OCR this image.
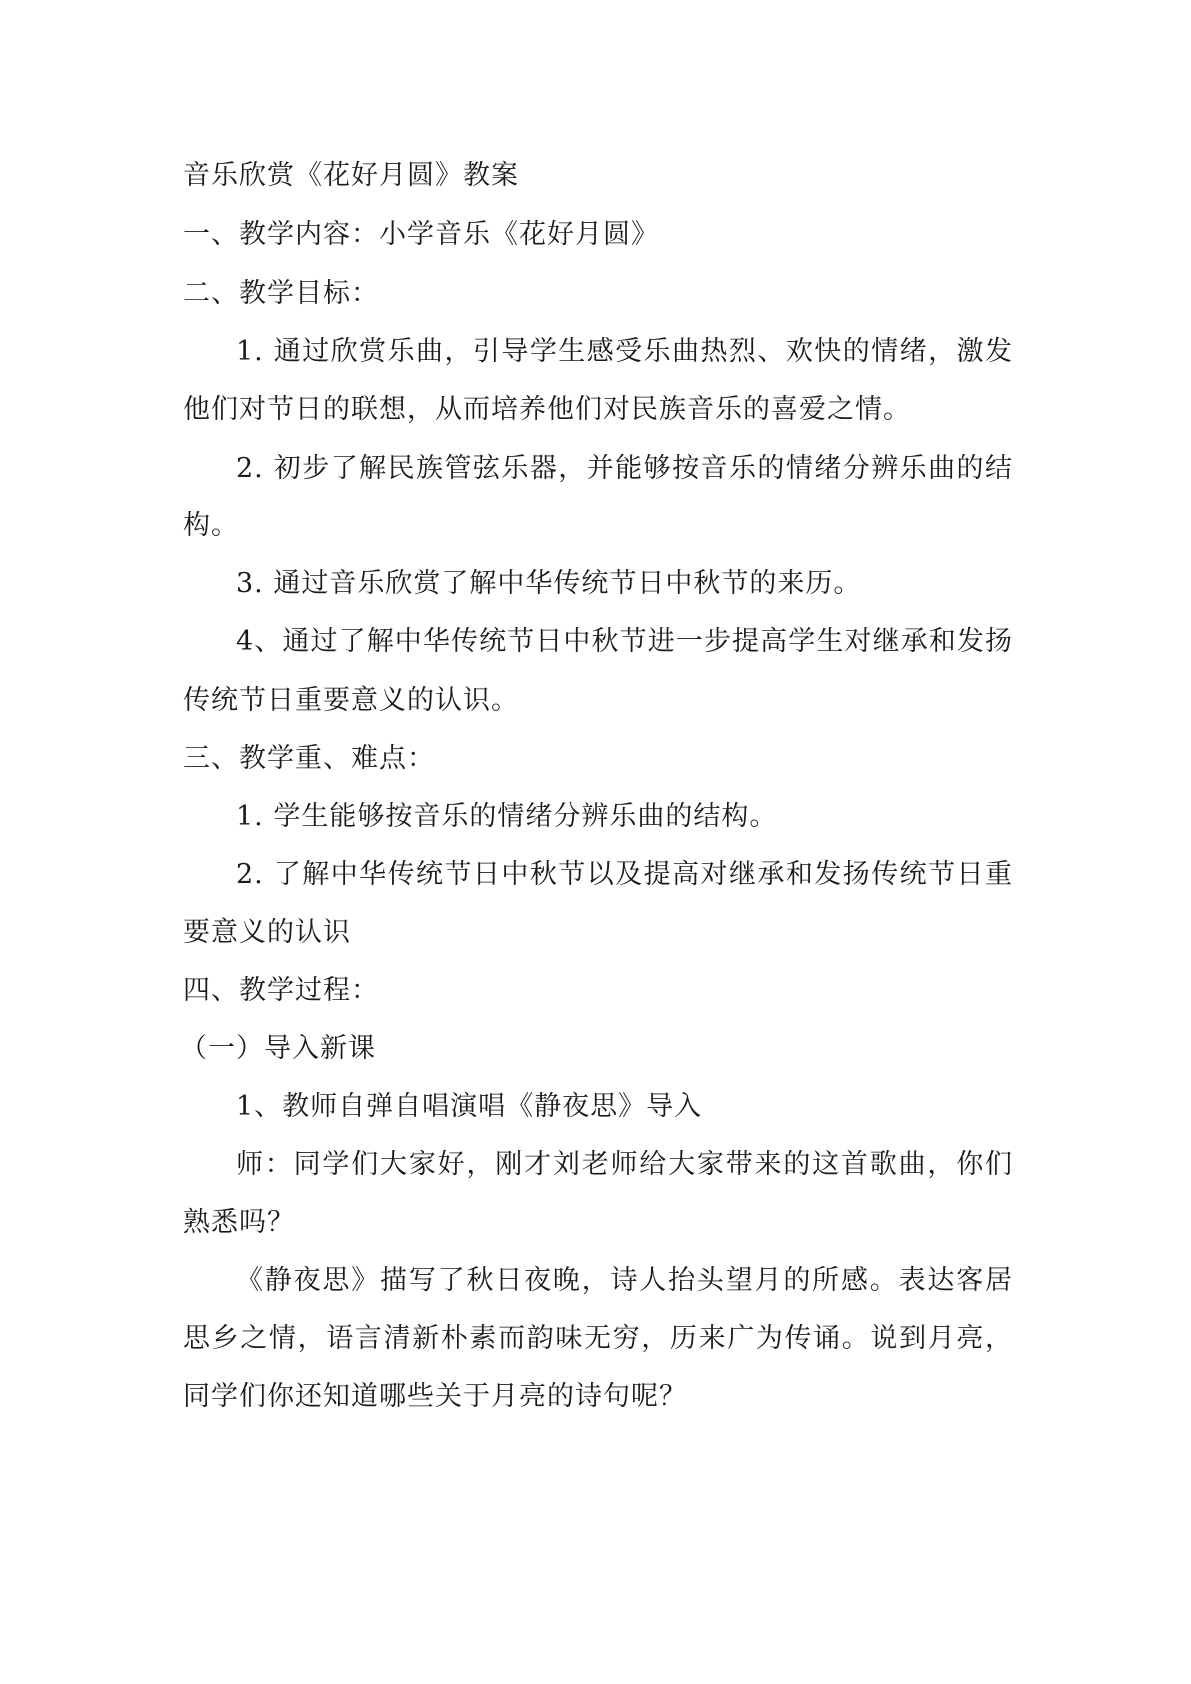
音乐欣赏《花好月圆》教案
一、教学内容：小学音乐《花好月圆》
二、教学目标：
1. 通过欣赏乐曲，引导学生感受乐曲热烈、欢快的情绪，激发
他们对节日的联想，从而培养他们对民族音乐的喜爱之情。
2. 初步了解民族管弦乐器，并能够按音乐的情绪分辨乐曲的结
构。
3. 通过音乐欣赏了解中华传统节日中秋节的来历。
4、通过了解中华传统节日中秋节进一步提高学生对继承和发扬
传统节日重要意义的认识。
三、教学重、难点：
1. 学生能够按音乐的情绪分辨乐曲的结构。
2. 了解中华传统节日中秋节以及提高对继承和发扬传统节日重
要意义的认识
四、教学过程：
（一）导入新课
1、教师自弹自唱演唱《静夜思》导入
师：同学们大家好，刚才刘老师给大家带来的这首歌曲，你们
熟悉吗？
《静夜思》描写了秋日夜晚，诗人抬头望月的所感。表达客居
思乡之情，语言清新朴素而韵味无穷，历来广为传诵。说到月亮，
同学们你还知道哪些关于月亮的诗句呢？
